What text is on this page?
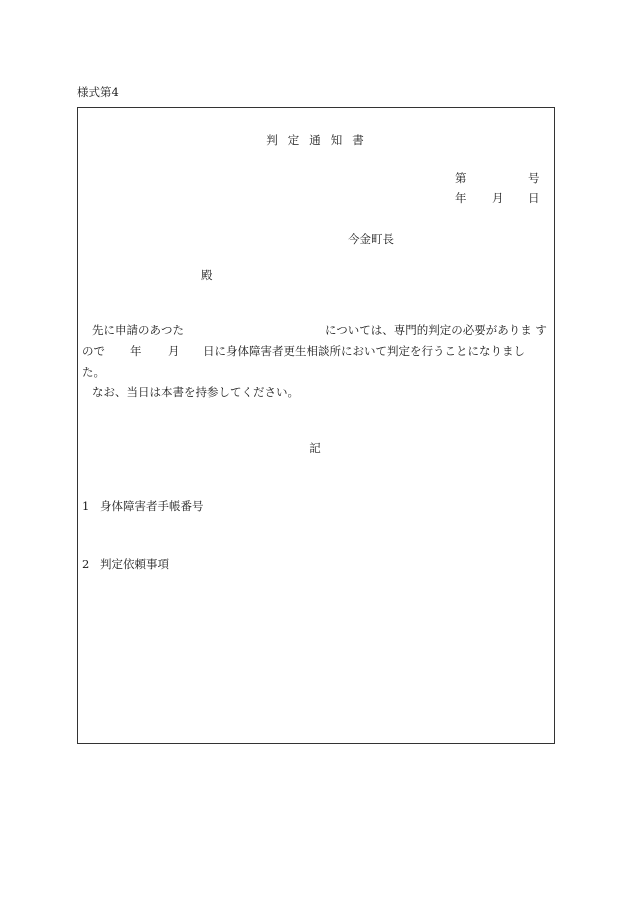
様式第4
判定通知書
第	号
年 月 日
今金町長
殿
先に申請のあつた	については、専門的判定の必要がありま す
ので 年 月 日に身体障害者更生相談所において判定を行うことになりまし
た。
なお、当日は本書を持参してください。
記
1 身体障害者手帳番号
2 判定依頼事項
